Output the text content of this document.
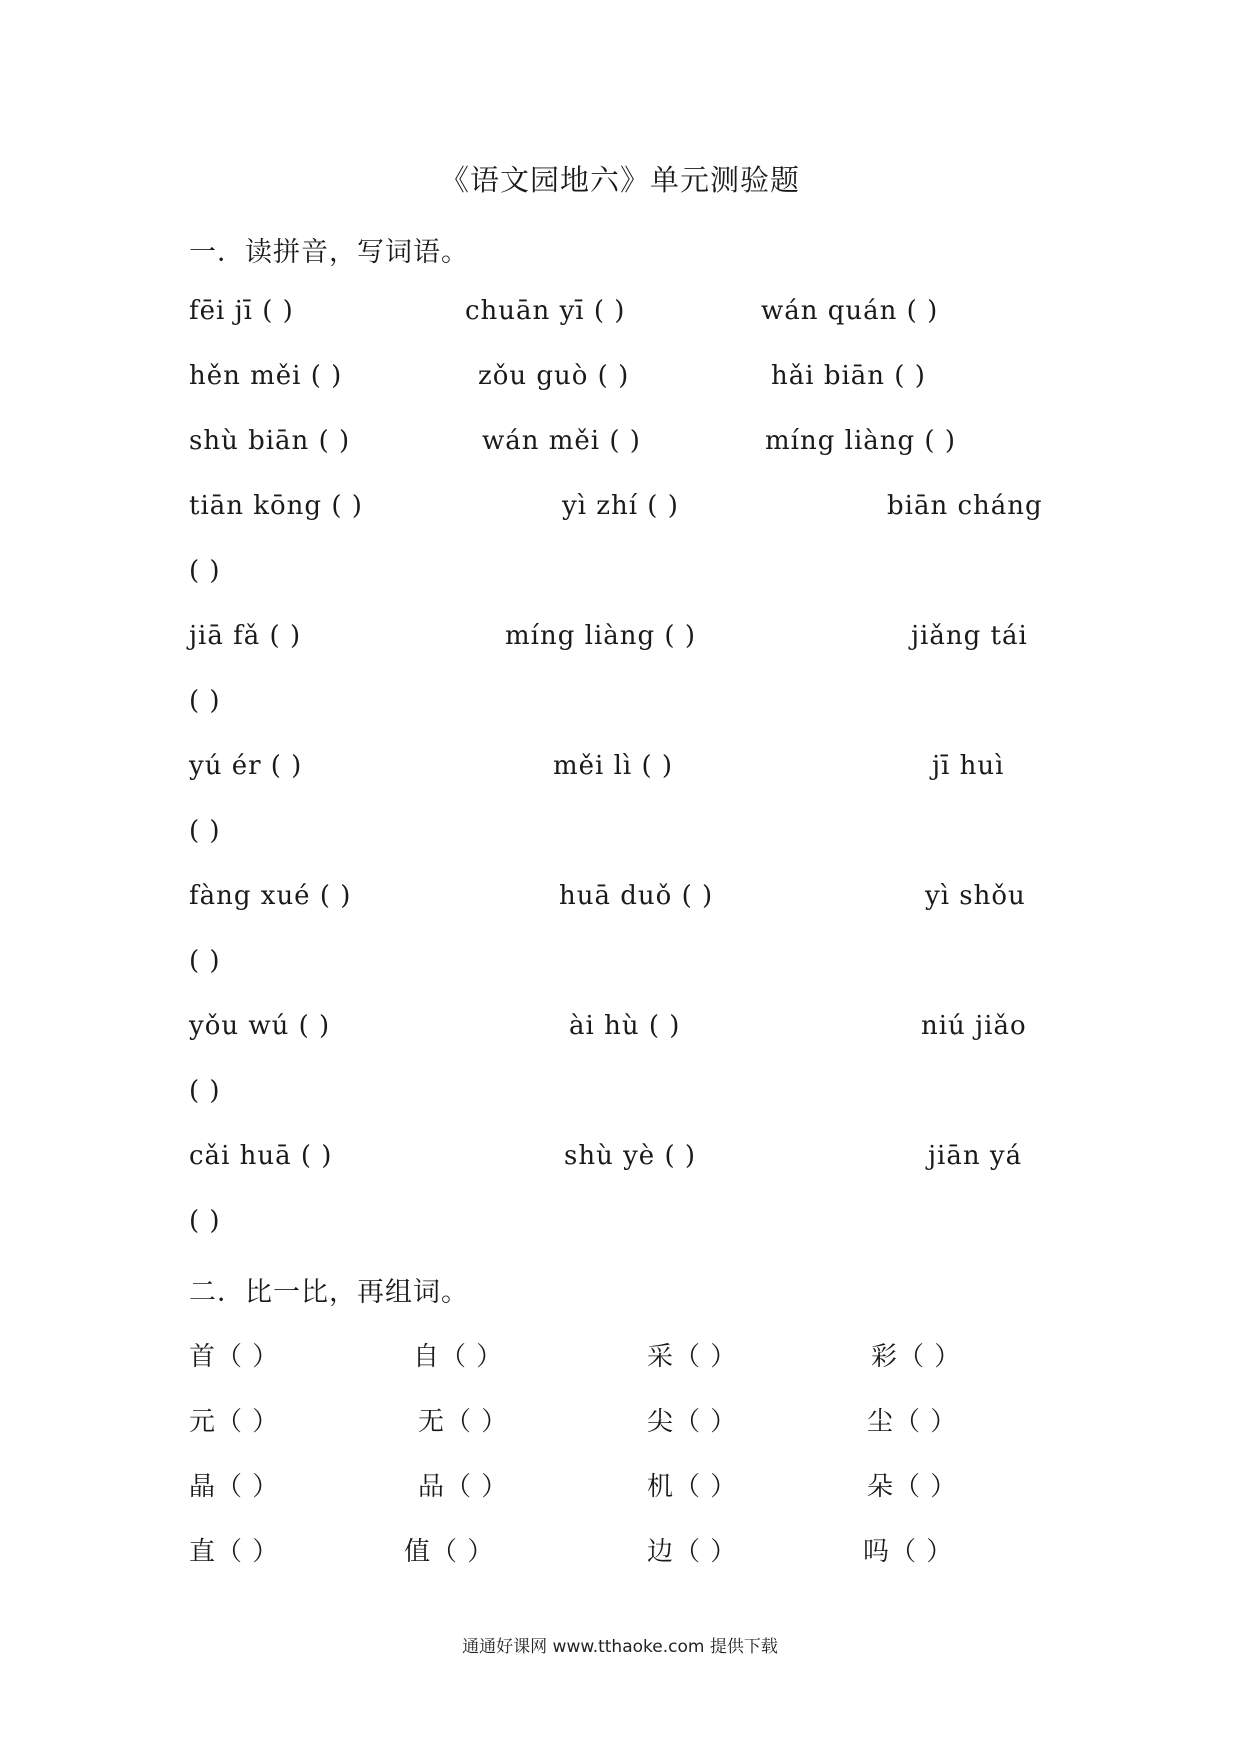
《语文园地六》单元测验题
一．读拼音，写词语。
fēi jī ( )	chuān yī ( )	wán quán ( )
hěn měi ( )	zǒu guò ( )	hǎi biān ( )
shù biān ( )	wán měi ( )	míng liàng ( )
tiān kōng ( )	yì zhí ( )	biān cháng
( )
jiā fǎ ( )	míng liàng ( )	jiǎng tái
( )
yú ér ( )	měi lì ( )	jī huì
( )
fàng xué ( )	huā duǒ ( )	yì shǒu
( )
yǒu wú ( )	ài hù ( )	niú jiǎo
( )
cǎi huā ( )	shù yè ( )	jiān yá
( )
二．比一比，再组词。
首（ ）	自（ ）	采（ ）	彩（ ）
元（ ）	无（ ）	尖（ ）	尘（ ）
晶（ ）	品（ ）	机（ ）	朵（ ）
直（ ）	值（ ）	边（ ）	吗（ ）
通通好课网 www.tthaoke.com 提供下载
